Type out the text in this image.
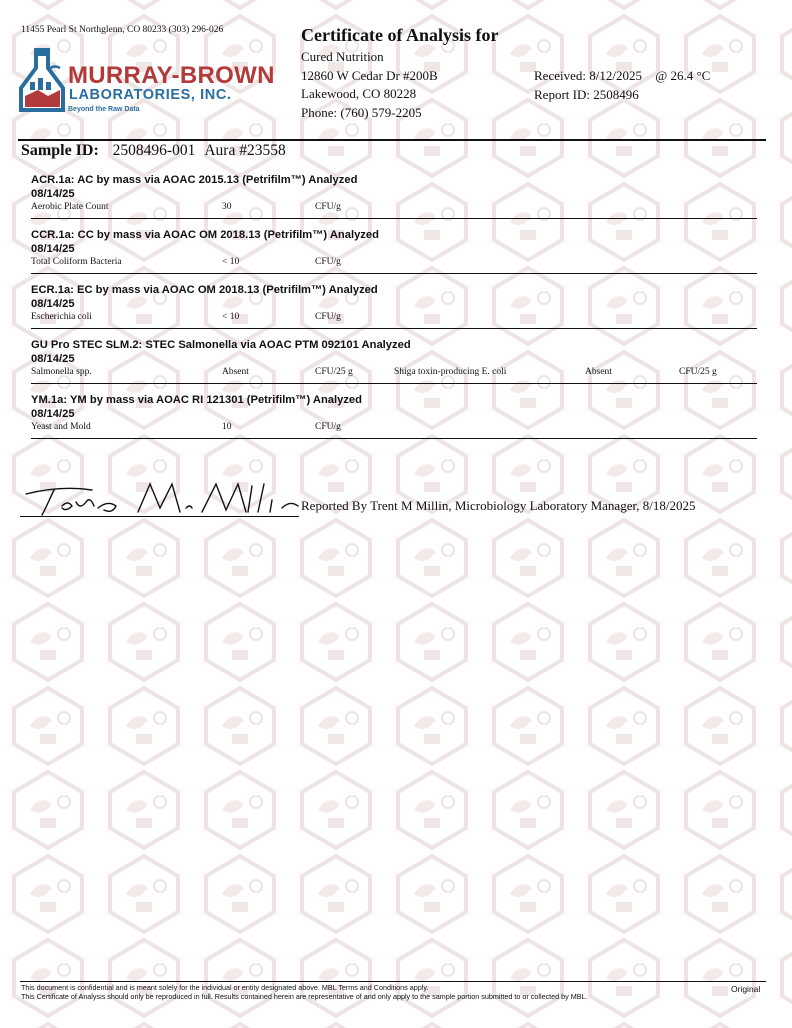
11455 Pearl St Northglenn, CO 80233 (303) 296-026
MURRAY-BROWN
LABORATORIES, INC.
Beyond the Raw Data
Certificate of Analysis for
Cured Nutrition
12860 W Cedar Dr #200B
Lakewood, CO 80228
Phone: (760) 579-2205
Received: 8/12/2025 @ 26.4 °C
Report ID: 2508496
Sample ID: 2508496-001 Aura #23558
ACR.1a: AC by mass via AOAC 2015.13 (Petrifilm™) Analyzed 08/14/25
Aerobic Plate Count	30	CFU/g
CCR.1a: CC by mass via AOAC OM 2018.13 (Petrifilm™) Analyzed 08/14/25
Total Coliform Bacteria	< 10	CFU/g
ECR.1a: EC by mass via AOAC OM 2018.13 (Petrifilm™) Analyzed 08/14/25
Escherichia coli	< 10	CFU/g
GU Pro STEC SLM.2: STEC Salmonella via AOAC PTM 092101 Analyzed 08/14/25
Salmonella spp.	Absent	CFU/25 g	Shiga toxin-producing E. coli	Absent	CFU/25 g
YM.1a: YM by mass via AOAC RI 121301 (Petrifilm™) Analyzed 08/14/25
Yeast and Mold	10	CFU/g
Reported By Trent M Millin, Microbiology Laboratory Manager, 8/18/2025
This document is confidential and is meant solely for the individual or entity designated above. MBL Terms and Conditions apply.
This Certificate of Analysis should only be reproduced in full. Results contained herein are representative of and only apply to the sample portion submitted to or collected by MBL.
Original
